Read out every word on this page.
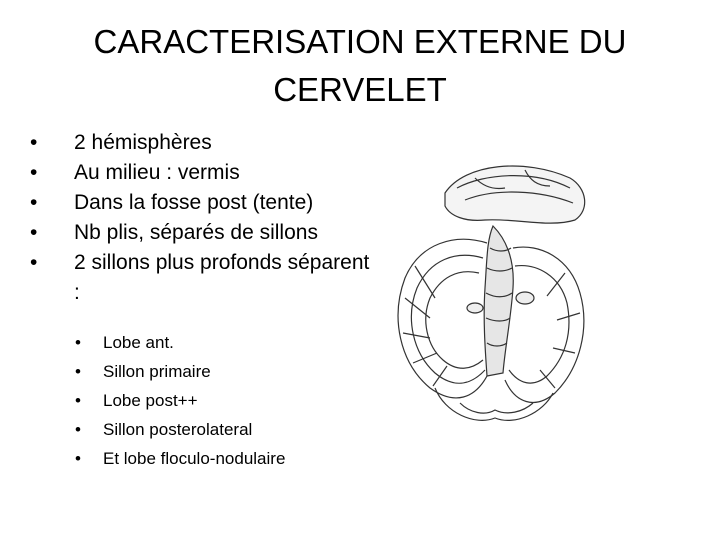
CARACTERISATION EXTERNE DU CERVELET
• 2 hémisphères
• Au milieu : vermis
• Dans la fosse post (tente)
• Nb plis, séparés de sillons
• 2 sillons plus profonds séparent :
• Lobe ant.
• Sillon primaire
• Lobe post++
• Sillon posterolateral
• Et lobe floculo-nodulaire
